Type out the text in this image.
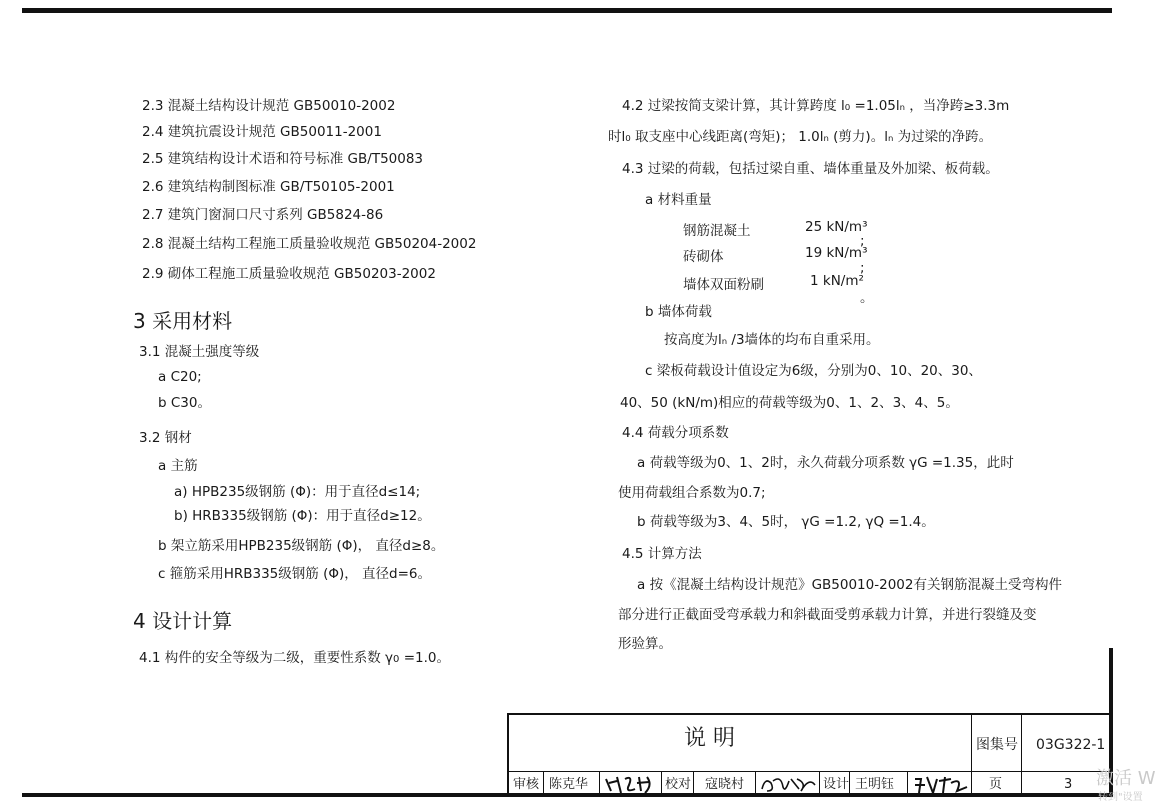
2.3 混凝土结构设计规范 GB50010-2002
2.4 建筑抗震设计规范 GB50011-2001
2.5 建筑结构设计术语和符号标准 GB/T50083
2.6 建筑结构制图标准 GB/T50105-2001
2.7 建筑门窗洞口尺寸系列 GB5824-86
2.8 混凝土结构工程施工质量验收规范 GB50204-2002
2.9 砌体工程施工质量验收规范 GB50203-2002
3 采用材料
3.1 混凝土强度等级
a C20;
b C30。
3.2 钢材
a 主筋
a) HPB235级钢筋 (Φ)：用于直径d≤14;
b) HRB335级钢筋 (Φ)：用于直径d≥12。
b 架立筋采用HPB235级钢筋 (Φ)， 直径d≥8。
c 箍筋采用HRB335级钢筋 (Φ)， 直径d=6。
4 设计计算
4.1 构件的安全等级为二级，重要性系数 γ0 =1.0。
4.2 过梁按简支梁计算，其计算跨度 l₀ =1.05lₙ ，当净跨≥3.3m
时l₀ 取支座中心线距离(弯矩)； 1.0lₙ (剪力)。lₙ 为过梁的净跨。
4.3 过梁的荷载，包括过梁自重、墙体重量及外加梁、板荷载。
a 材料重量
钢筋混凝土	25 kN/m³
;
砖砌体	19 kN/m³
;
墙体双面粉刷	1 kN/m²
。
b 墙体荷载
按高度为lₙ /3墙体的均布自重采用。
c 梁板荷载设计值设定为6级，分别为0、10、20、30、
40、50 (kN/m)相应的荷载等级为0、1、2、3、4、5。
4.4 荷载分项系数
a 荷载等级为0、1、2时，永久荷载分项系数 γG =1.35，此时
使用荷载组合系数为0.7;
b 荷载等级为3、4、5时， γG =1.2, γQ =1.4。
4.5 计算方法
a 按《混凝土结构设计规范》GB50010-2002有关钢筋混凝土受弯构件
部分进行正截面受弯承载力和斜截面受剪承载力计算，并进行裂缝及变
形验算。
说 明	图集号 03G322-1
审核 陈克华	校对 寇晓村	设计 王明钰	页	3 激活 W
转到"设置
